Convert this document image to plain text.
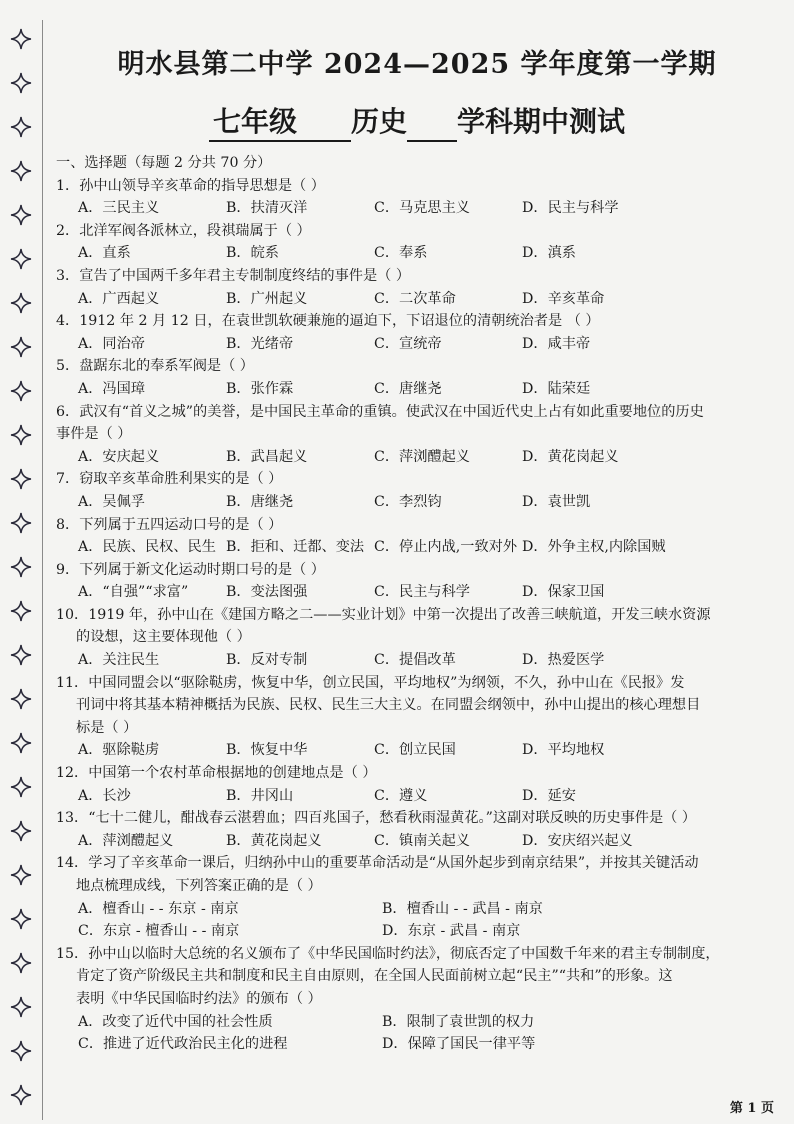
明水县第二中学 2024—2025 学年度第一学期
七年级 历史 学科期中测试
一、选择题（每题 2 分共 70 分）
1．孙中山领导辛亥革命的指导思想是（ ）
A．三民主义	B．扶清灭洋	C．马克思主义	D．民主与科学
2．北洋军阀各派林立，段祺瑞属于（ ）
A．直系	B．皖系	C．奉系	D．滇系
3．宣告了中国两千多年君主专制制度终结的事件是（ ）
A．广西起义	B．广州起义	C．二次革命	D．辛亥革命
4．1912 年 2 月 12 日，在袁世凯软硬兼施的逼迫下，下诏退位的清朝统治者是 （ ）
A．同治帝	B．光绪帝	C．宣统帝	D．咸丰帝
5．盘踞东北的奉系军阀是（ ）
A．冯国璋	B．张作霖	C．唐继尧	D．陆荣廷
6．武汉有“首义之城”的美誉，是中国民主革命的重镇。使武汉在中国近代史上占有如此重要地位的历史
事件是（ ）
A．安庆起义	B．武昌起义	C．萍浏醴起义	D．黄花岗起义
7．窃取辛亥革命胜利果实的是（ ）
A．吴佩孚	B．唐继尧	C．李烈钧	D．袁世凯
8．下列属于五四运动口号的是（ ）
A．民族、民权、民生 B．拒和、迁都、变法 C．停止内战,一致对外 D．外争主权,内除国贼
9．下列属于新文化运动时期口号的是（ ）
A．“自强”“求富”	B．变法图强	C．民主与科学	D．保家卫国
10．1919 年，孙中山在《建国方略之二——实业计划》中第一次提出了改善三峡航道，开发三峡水资源
的设想，这主要体现他（ ）
A．关注民生	B．反对专制	C．提倡改革	D．热爱医学
11．中国同盟会以“驱除鞑虏，恢复中华，创立民国，平均地权”为纲领，不久，孙中山在《民报》发
刊词中将其基本精神概括为民族、民权、民生三大主义。在同盟会纲领中，孙中山提出的核心理想目
标是（ ）
A．驱除鞑虏	B．恢复中华	C．创立民国	D．平均地权
12．中国第一个农村革命根据地的创建地点是（ ）
A．长沙	B．井冈山	C．遵义	D．延安
13．“七十二健儿，酣战春云湛碧血；四百兆国子，愁看秋雨湿黄花。”这副对联反映的历史事件是（ ）
A．萍浏醴起义	B．黄花岗起义	C．镇南关起义	D．安庆绍兴起义
14．学习了辛亥革命一课后，归纳孙中山的重要革命活动是“从国外起步到南京结果”，并按其关键活动
地点梳理成线，下列答案正确的是（ ）
A．檀香山 - - 东京 - 南京	B．檀香山 - - 武昌 - 南京
C．东京 - 檀香山 - - 南京	D．东京 - 武昌 - 南京
15．孙中山以临时大总统的名义颁布了《中华民国临时约法》，彻底否定了中国数千年来的君主专制制度，
肯定了资产阶级民主共和制度和民主自由原则，在全国人民面前树立起“民主”“共和”的形象。这
表明《中华民国临时约法》的颁布（ ）
A．改变了近代中国的社会性质	B．限制了袁世凯的权力
C．推进了近代政治民主化的进程	D．保障了国民一律平等
第 1 页
